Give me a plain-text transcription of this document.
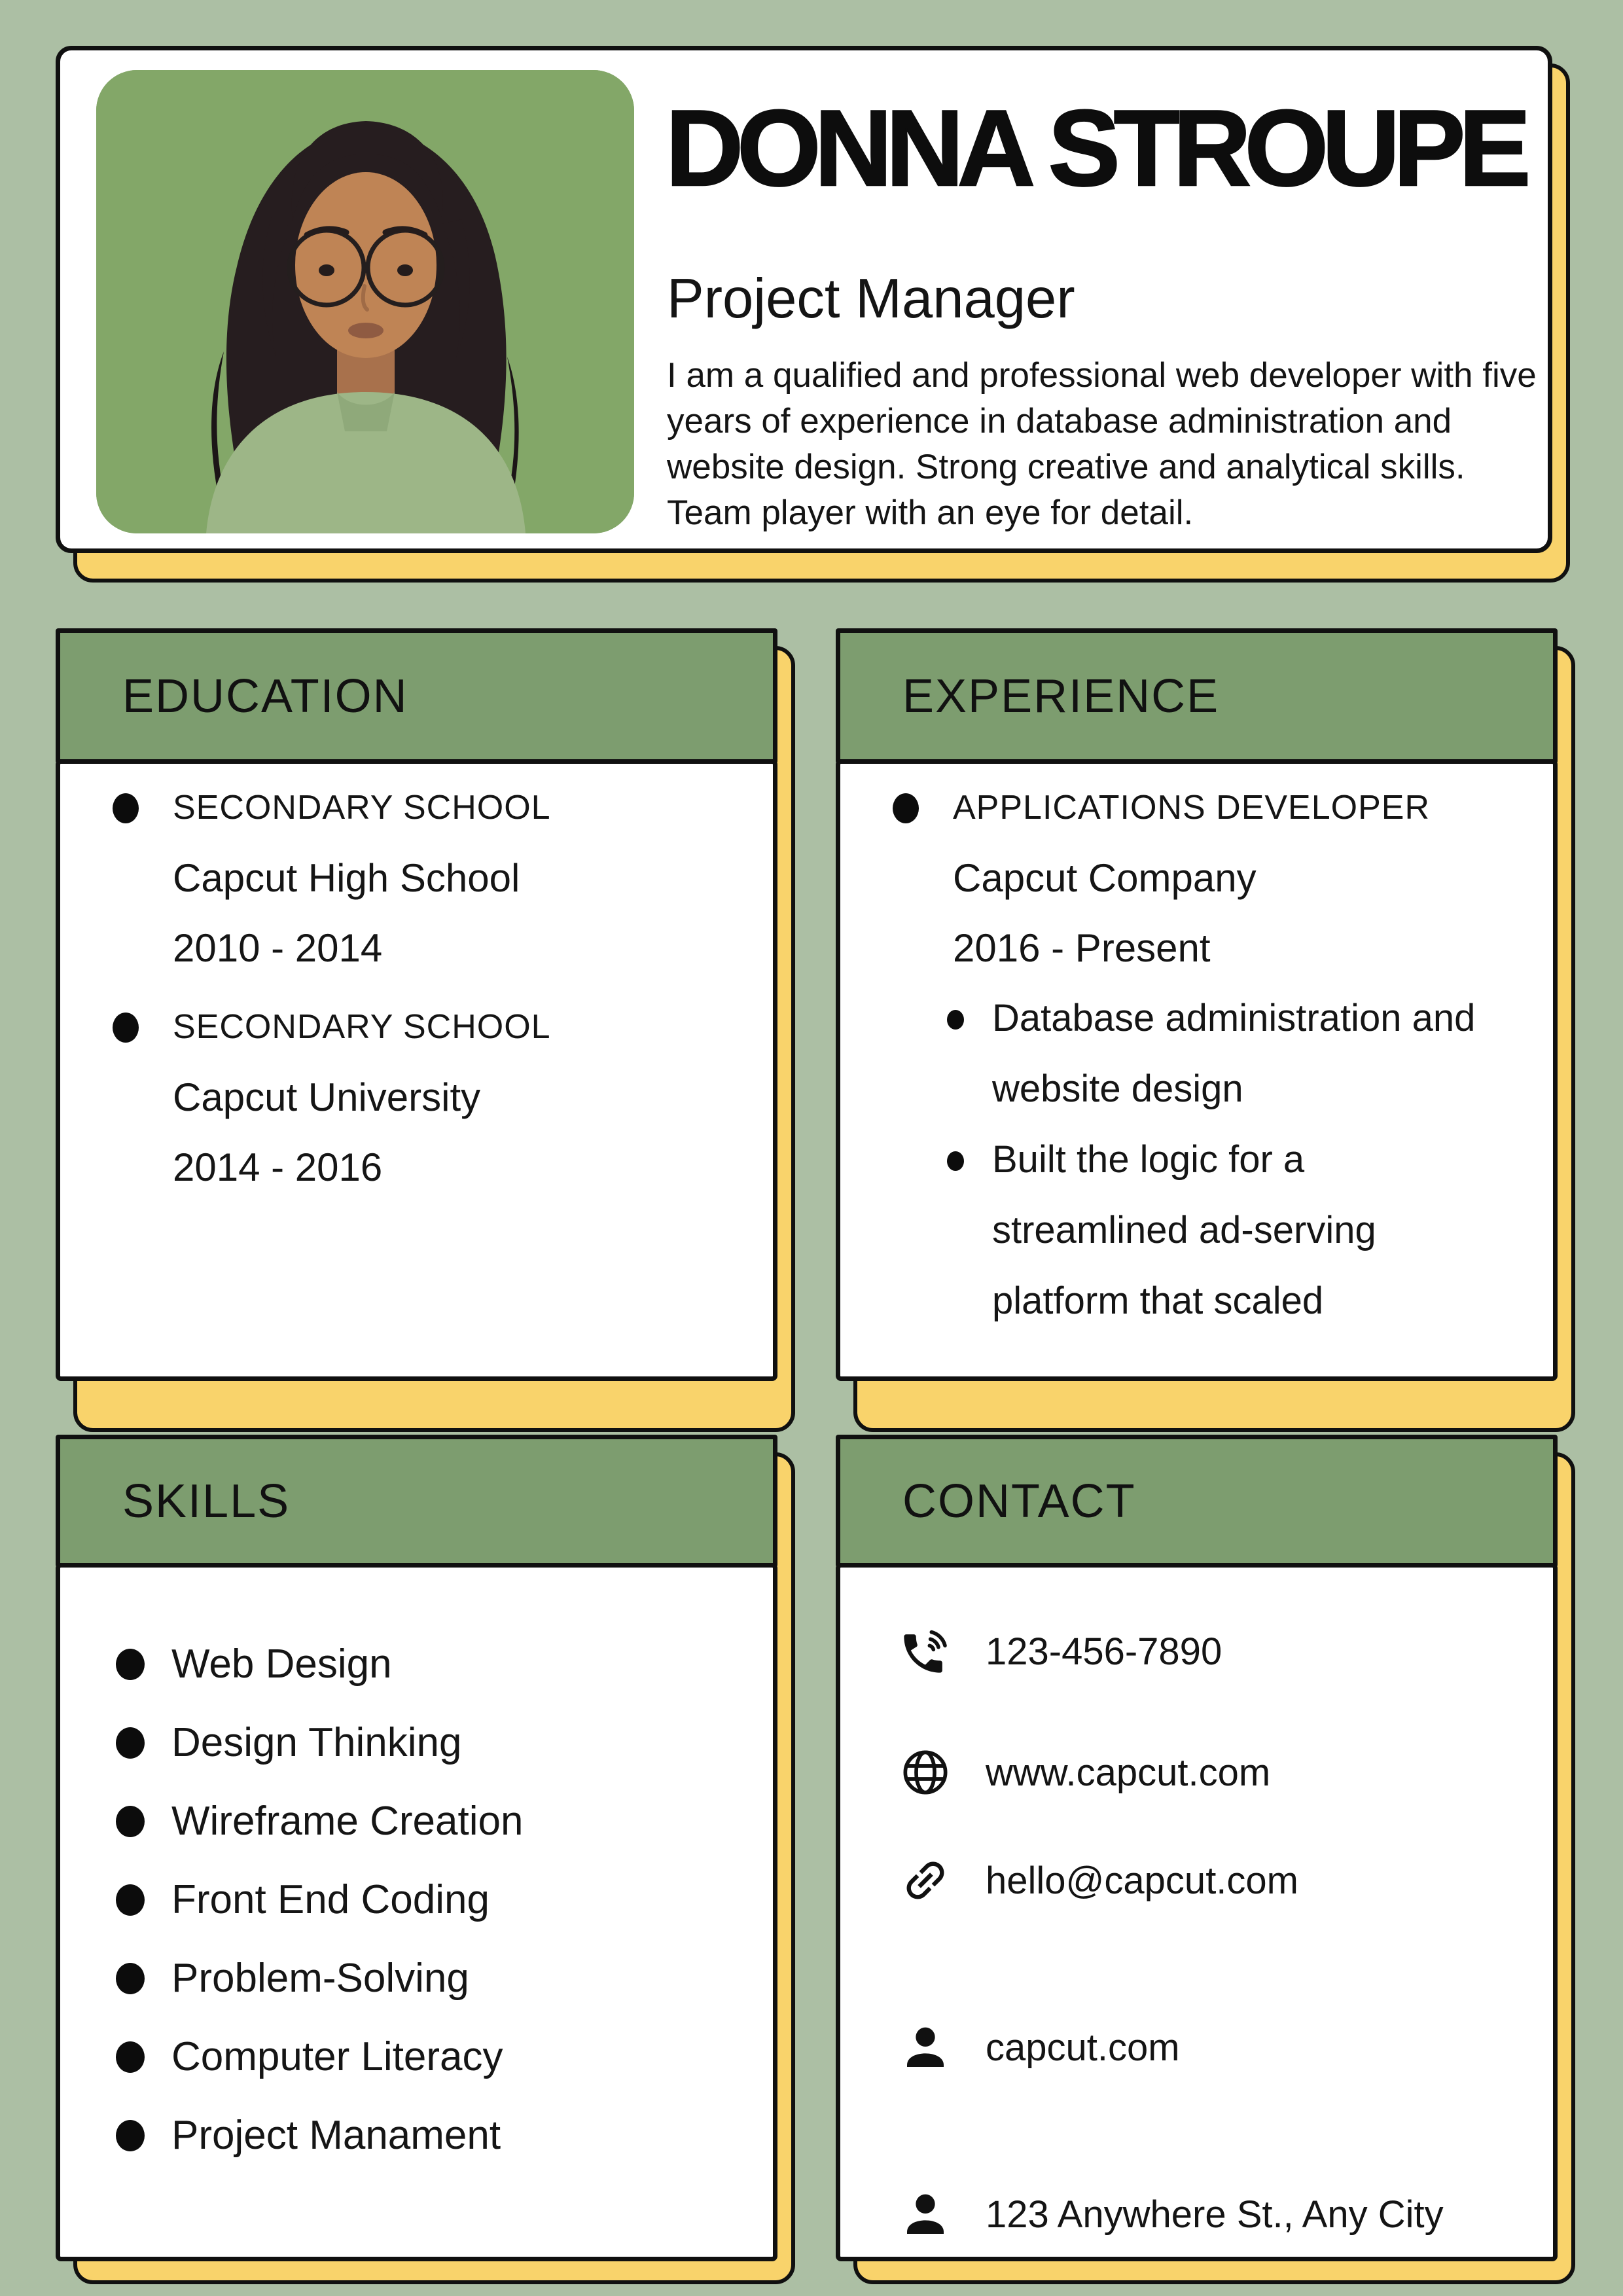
DONNA STROUPE
Project Manager

I am a qualified and professional web developer with five years of experience in database administration and website design. Strong creative and analytical skills. Team player with an eye for detail.

EDUCATION
SECONDARY SCHOOL
Capcut High School
2010 - 2014
SECONDARY SCHOOL
Capcut University
2014 - 2016
EXPERIENCE
APPLICATIONS DEVELOPER
Capcut Company
2016 - Present
Database administration and
website design
Built the logic for a
streamlined ad-serving
platform that scaled
SKILLS
Web Design
Design Thinking
Wireframe Creation
Front End Coding
Problem-Solving
Computer Literacy
Project Manament
CONTACT
123-456-7890
www.capcut.com
hello@capcut.com
capcut.com
123 Anywhere St., Any City
